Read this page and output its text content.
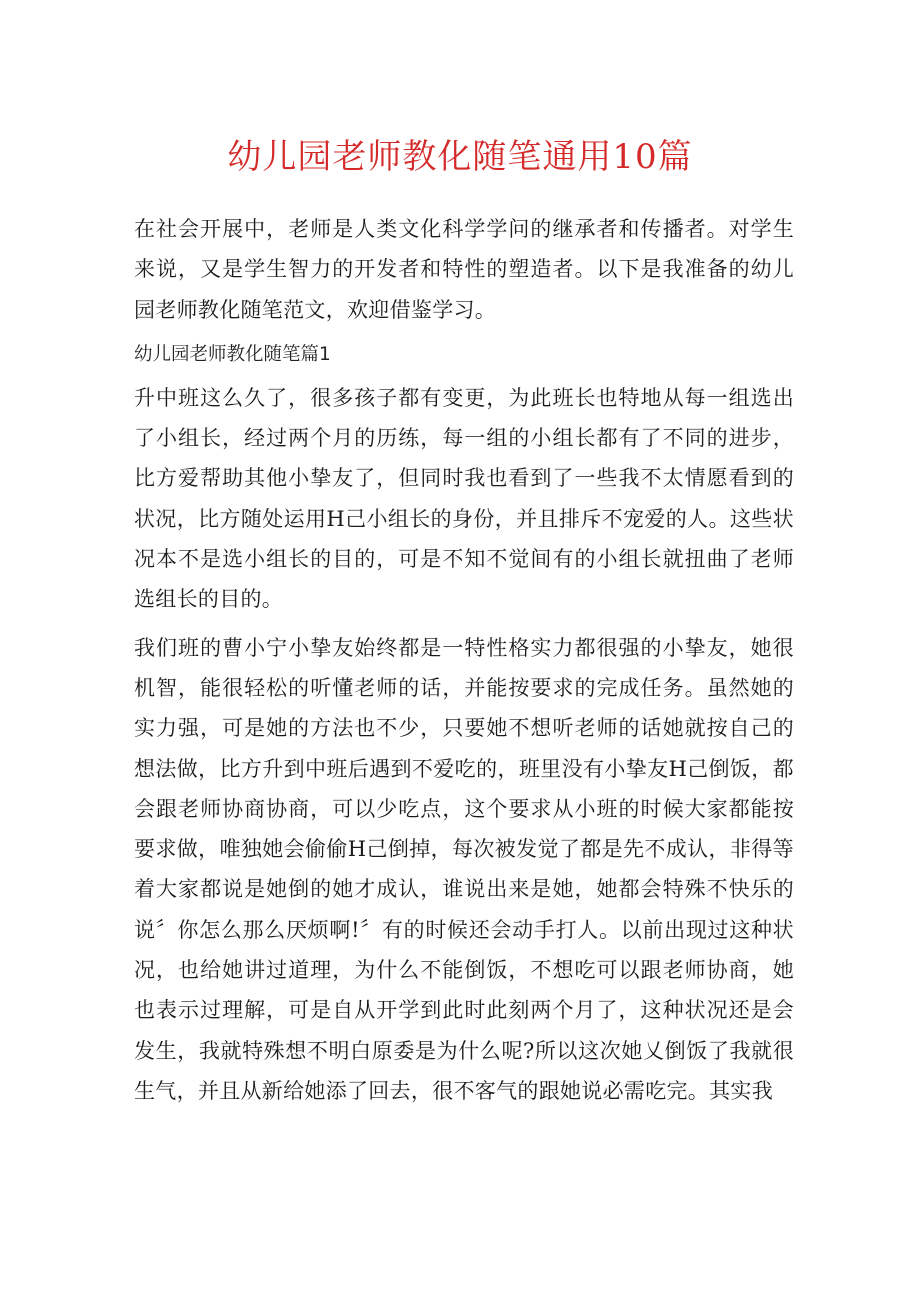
幼儿园老师教化随笔通用10篇

在社会开展中，老师是人类文化科学学问的继承者和传播者。对学生来说，又是学生智力的开发者和特性的塑造者。以下是我准备的幼儿园老师教化随笔范文，欢迎借鉴学习。

幼儿园老师教化随笔篇1

升中班这么久了，很多孩子都有变更，为此班长也特地从每一组选出了小组长，经过两个月的历练，每一组的小组长都有了不同的进步，比方爱帮助其他小挚友了，但同时我也看到了一些我不太情愿看到的状况，比方随处运用H己小组长的身份，并且排斥不宠爱的人。这些状况本不是选小组长的目的，可是不知不觉间有的小组长就扭曲了老师选组长的目的。

我们班的曹小宁小挚友始终都是一特性格实力都很强的小挚友，她很机智，能很轻松的听懂老师的话，并能按要求的完成任务。虽然她的实力强，可是她的方法也不少，只要她不想听老师的话她就按自己的想法做，比方升到中班后遇到不爱吃的，班里没有小挚友H己倒饭，都会跟老师协商协商，可以少吃点，这个要求从小班的时候大家都能按要求做，唯独她会偷偷H己倒掉，每次被发觉了都是先不成认，非得等着大家都说是她倒的她才成认，谁说出来是她，她都会特殊不快乐的说〞你怎么那么厌烦啊!〞有的时候还会动手打人。以前出现过这种状况，也给她讲过道理，为什么不能倒饭，不想吃可以跟老师协商，她也表示过理解，可是自从开学到此时此刻两个月了，这种状况还是会发生，我就特殊想不明白原委是为什么呢?所以这次她乂倒饭了我就很生气，并且从新给她添了回去，很不客气的跟她说必需吃完。其实我
